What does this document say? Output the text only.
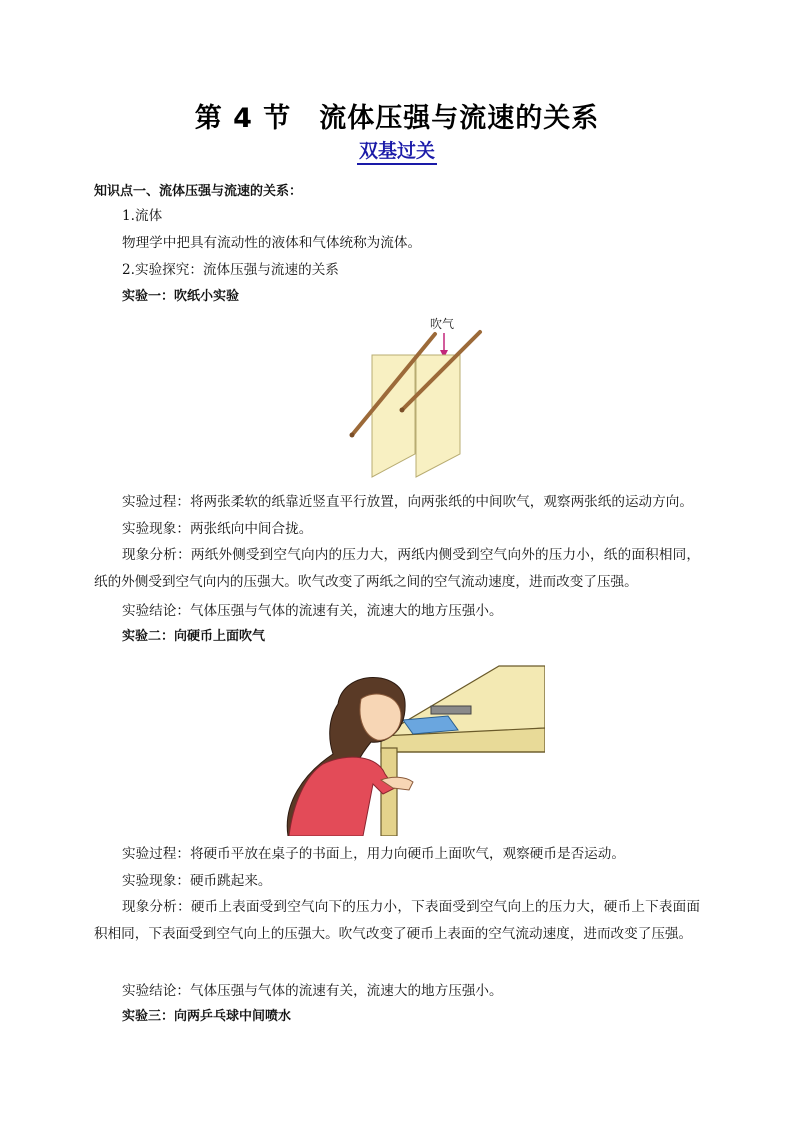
第 4 节　流体压强与流速的关系
双基过关
知识点一、流体压强与流速的关系：
1.流体
物理学中把具有流动性的液体和气体统称为流体。
2.实验探究：流体压强与流速的关系
实验一：吹纸小实验
吹气
实验过程：将两张柔软的纸靠近竖直平行放置，向两张纸的中间吹气，观察两张纸的运动方向。
实验现象：两张纸向中间合拢。
现象分析：两纸外侧受到空气向内的压力大，两纸内侧受到空气向外的压力小，纸的面积相同，纸的外侧受到空气向内的压强大。吹气改变了两纸之间的空气流动速度，进而改变了压强。
实验结论：气体压强与气体的流速有关，流速大的地方压强小。
实验二：向硬币上面吹气
实验过程：将硬币平放在桌子的书面上，用力向硬币上面吹气，观察硬币是否运动。
实验现象：硬币跳起来。
现象分析：硬币上表面受到空气向下的压力小，下表面受到空气向上的压力大，硬币上下表面面积相同，下表面受到空气向上的压强大。吹气改变了硬币上表面的空气流动速度，进而改变了压强。
实验结论：气体压强与气体的流速有关，流速大的地方压强小。
实验三：向两乒乓球中间喷水
